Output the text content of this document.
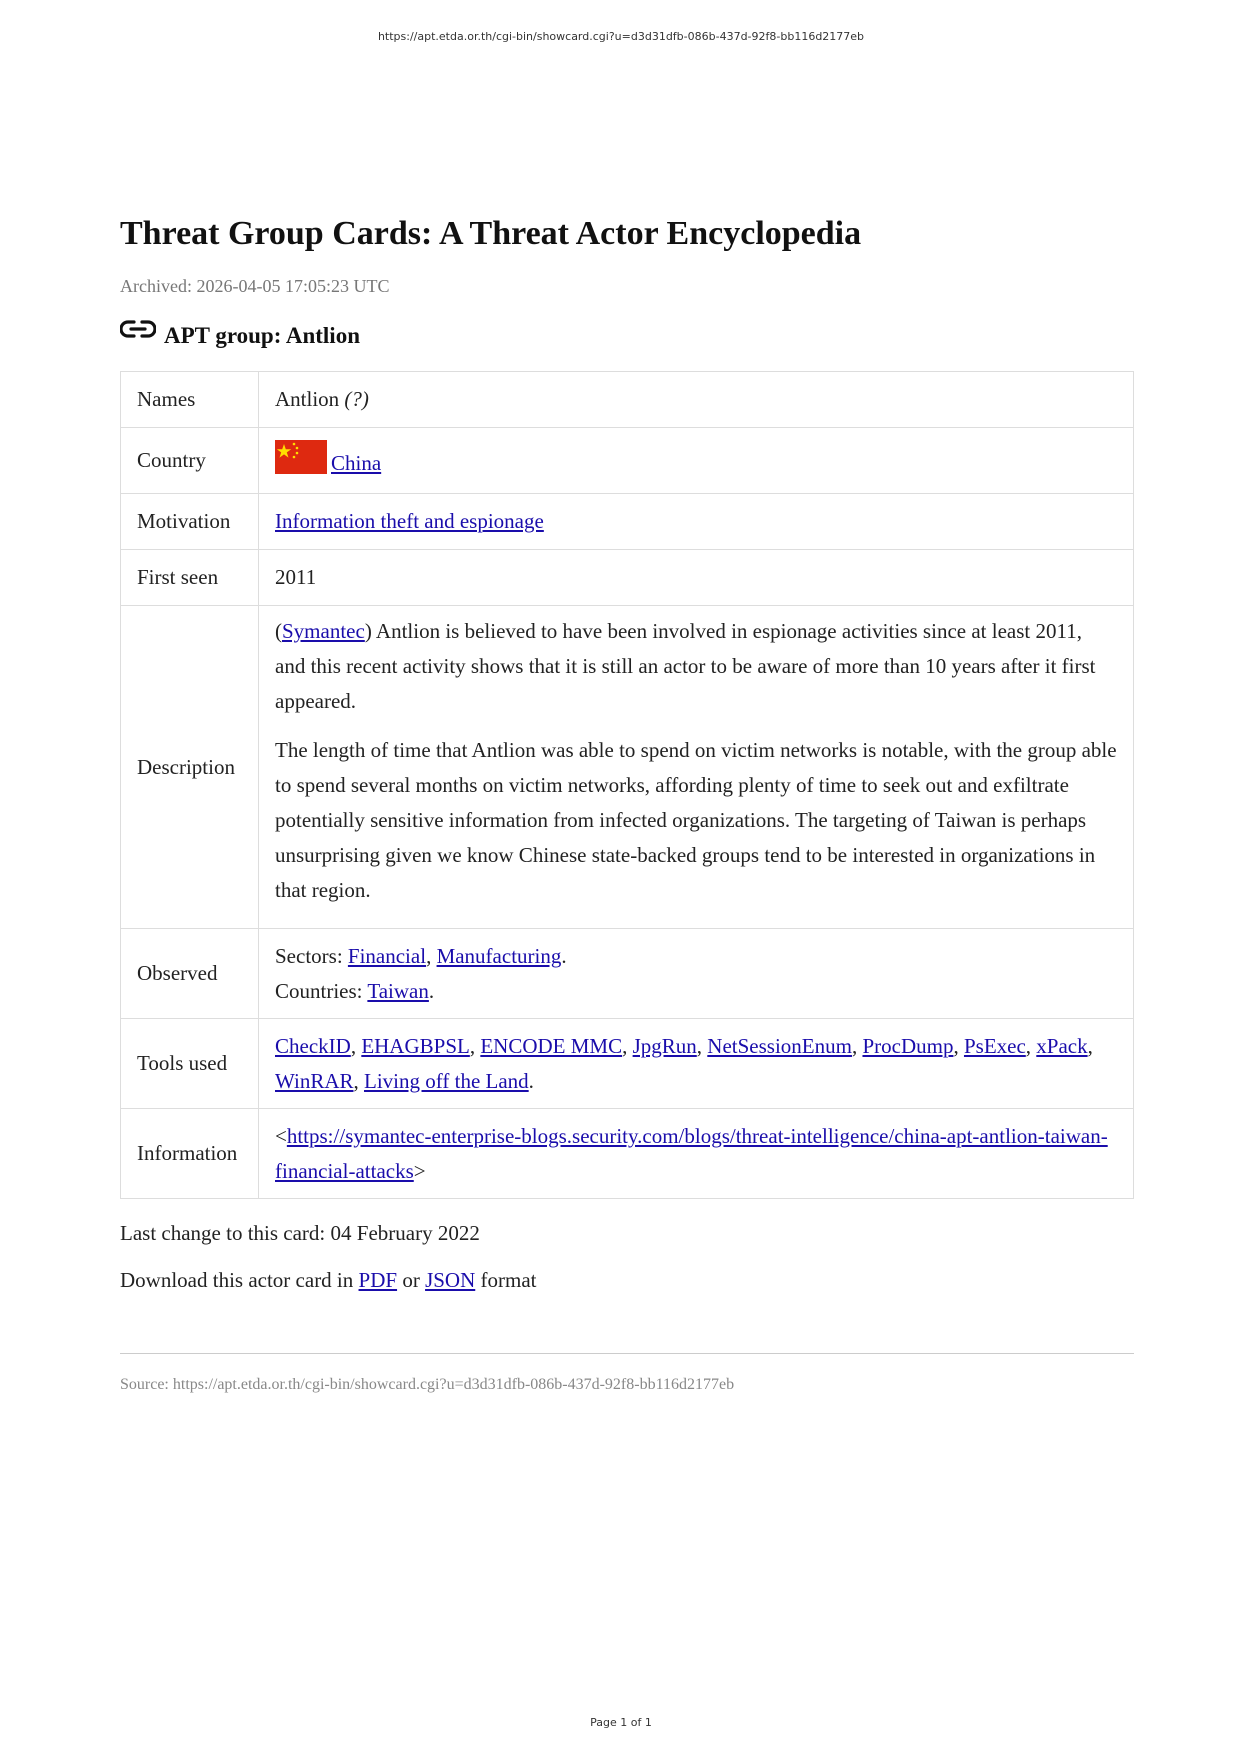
https://apt.etda.or.th/cgi-bin/showcard.cgi?u=d3d31dfb-086b-437d-92f8-bb116d2177eb
Threat Group Cards: A Threat Actor Encyclopedia
Archived: 2026-04-05 17:05:23 UTC
APT group: Antlion
Names	Antlion (?)
Country	China
Motivation	Information theft and espionage
First seen	2011
Description	(Symantec) Antlion is believed to have been involved in espionage activities since at least 2011, and this recent activity shows that it is still an actor to be aware of more than 10 years after it first appeared.

The length of time that Antlion was able to spend on victim networks is notable, with the group able to spend several months on victim networks, affording plenty of time to seek out and exfiltrate potentially sensitive information from infected organizations. The targeting of Taiwan is perhaps unsurprising given we know Chinese state-backed groups tend to be interested in organizations in that region.

Observed	Sectors: Financial, Manufacturing.
Countries: Taiwan.

Tools used	CheckID, EHAGBPSL, ENCODE MMC, JpgRun, NetSessionEnum, ProcDump, PsExec, xPack, WinRAR, Living off the Land.
Information	<https://symantec-enterprise-blogs.security.com/blogs/threat-intelligence/china-apt-antlion-taiwan-financial-attacks>
Last change to this card: 04 February 2022
Download this actor card in PDF or JSON format
Source: https://apt.etda.or.th/cgi-bin/showcard.cgi?u=d3d31dfb-086b-437d-92f8-bb116d2177eb
Page 1 of 1
